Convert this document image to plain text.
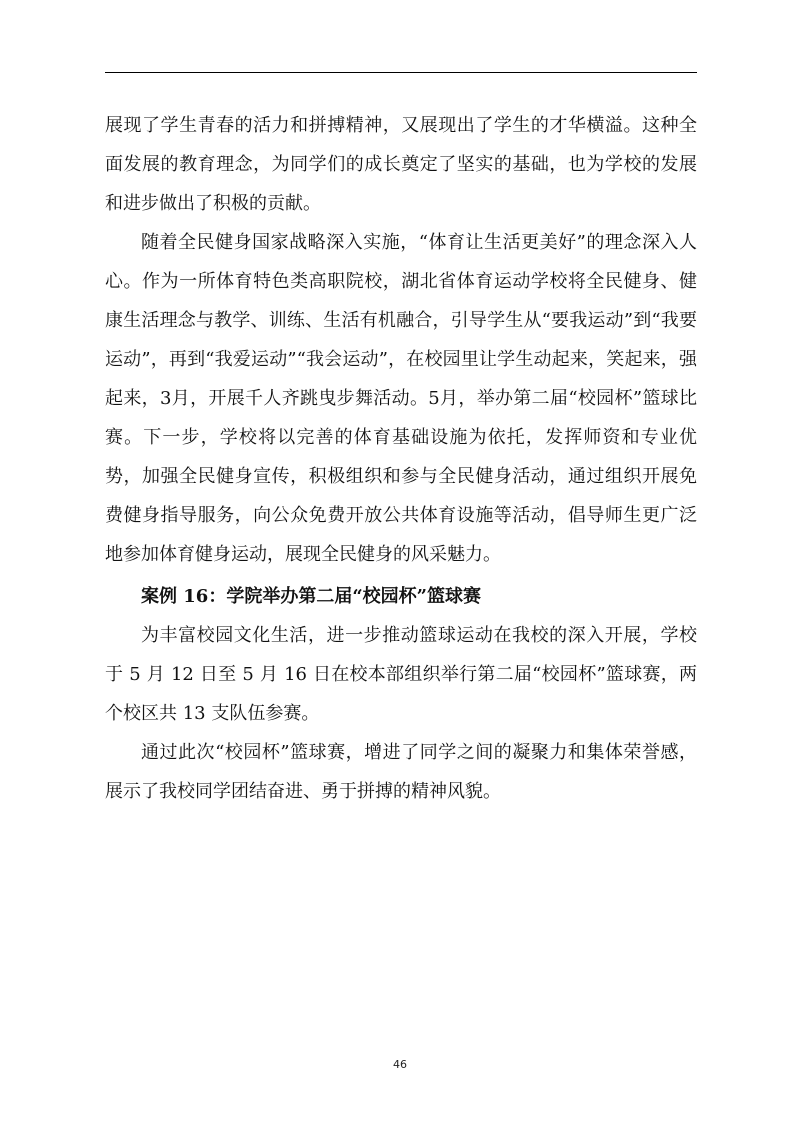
展现了学生青春的活力和拼搏精神，又展现出了学生的才华横溢。这种全面发展的教育理念，为同学们的成长奠定了坚实的基础，也为学校的发展和进步做出了积极的贡献。

随着全民健身国家战略深入实施，“体育让生活更美好”的理念深入人心。作为一所体育特色类高职院校，湖北省体育运动学校将全民健身、健康生活理念与教学、训练、生活有机融合，引导学生从“要我运动”到“我要运动”，再到“我爱运动”“我会运动”，在校园里让学生动起来，笑起来，强起来，3月，开展千人齐跳曳步舞活动。5月，举办第二届“校园杯”篮球比赛。下一步，学校将以完善的体育基础设施为依托，发挥师资和专业优势，加强全民健身宣传，积极组织和参与全民健身活动，通过组织开展免费健身指导服务，向公众免费开放公共体育设施等活动，倡导师生更广泛地参加体育健身运动，展现全民健身的风采魅力。

案例 16：学院举办第二届“校园杯”篮球赛

为丰富校园文化生活，进一步推动篮球运动在我校的深入开展，学校于 5 月 12 日至 5 月 16 日在校本部组织举行第二届“校园杯”篮球赛，两个校区共 13 支队伍参赛。

通过此次“校园杯”篮球赛，增进了同学之间的凝聚力和集体荣誉感，展示了我校同学团结奋进、勇于拼搏的精神风貌。

46
